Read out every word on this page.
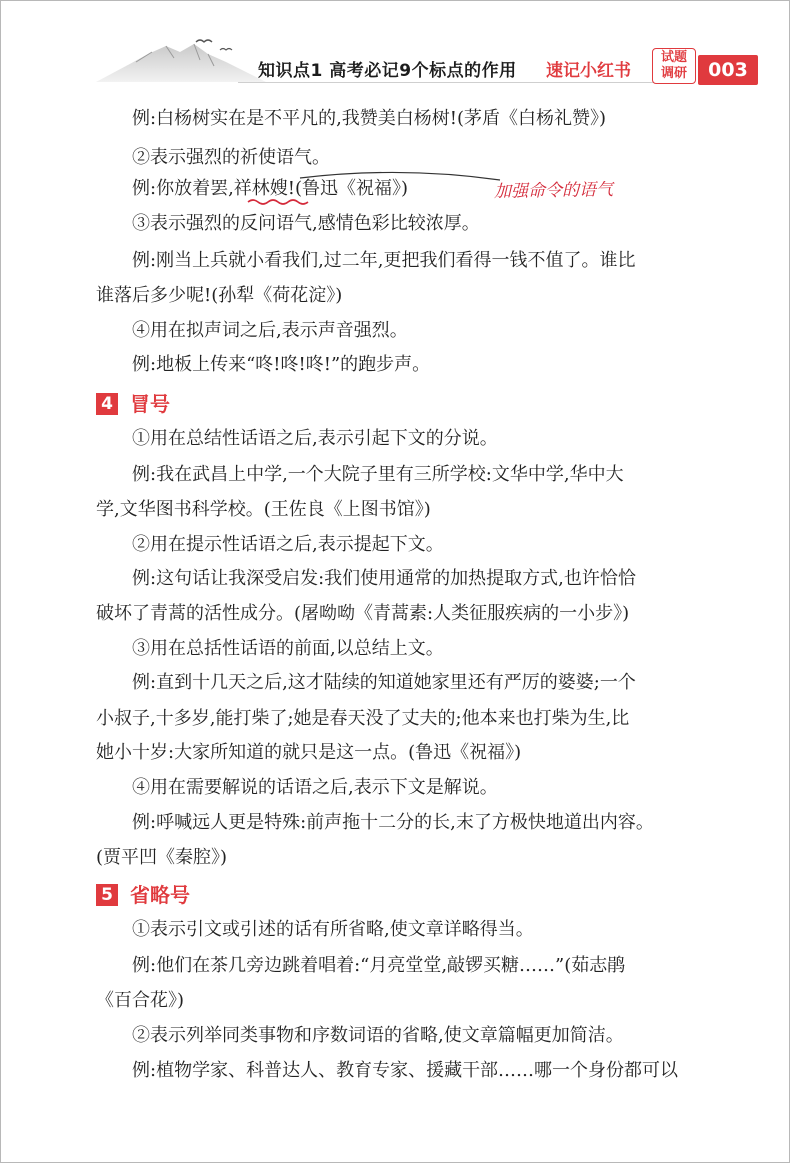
知识点1 高考必记9个标点的作用 速记小红书
试题
调研	003
例:白杨树实在是不平凡的,我赞美白杨树!(茅盾《白杨礼赞》)
②表示强烈的祈使语气。
例:你放着罢,祥林嫂!(鲁迅《祝福》)
③表示强烈的反问语气,感情色彩比较浓厚。
例:刚当上兵就小看我们,过二年,更把我们看得一钱不值了。谁比
谁落后多少呢!(孙犁《荷花淀》)
④用在拟声词之后,表示声音强烈。
例:地板上传来“咚!咚!咚!”的跑步声。
4 冒号
①用在总结性话语之后,表示引起下文的分说。
例:我在武昌上中学,一个大院子里有三所学校:文华中学,华中大
学,文华图书科学校。(王佐良《上图书馆》)
②用在提示性话语之后,表示提起下文。
例:这句话让我深受启发:我们使用通常的加热提取方式,也许恰恰
破坏了青蒿的活性成分。(屠呦呦《青蒿素:人类征服疾病的一小步》)
③用在总括性话语的前面,以总结上文。
例:直到十几天之后,这才陆续的知道她家里还有严厉的婆婆;一个
小叔子,十多岁,能打柴了;她是春天没了丈夫的;他本来也打柴为生,比
她小十岁:大家所知道的就只是这一点。(鲁迅《祝福》)
④用在需要解说的话语之后,表示下文是解说。
例:呼喊远人更是特殊:前声拖十二分的长,末了方极快地道出内容。
(贾平凹《秦腔》)
5 省略号
①表示引文或引述的话有所省略,使文章详略得当。
例:他们在茶几旁边跳着唱着:“月亮堂堂,敲锣买糖……”(茹志鹃
《百合花》)
②表示列举同类事物和序数词语的省略,使文章篇幅更加简洁。
例:植物学家、科普达人、教育专家、援藏干部……哪一个身份都可以
加强命令的语气
